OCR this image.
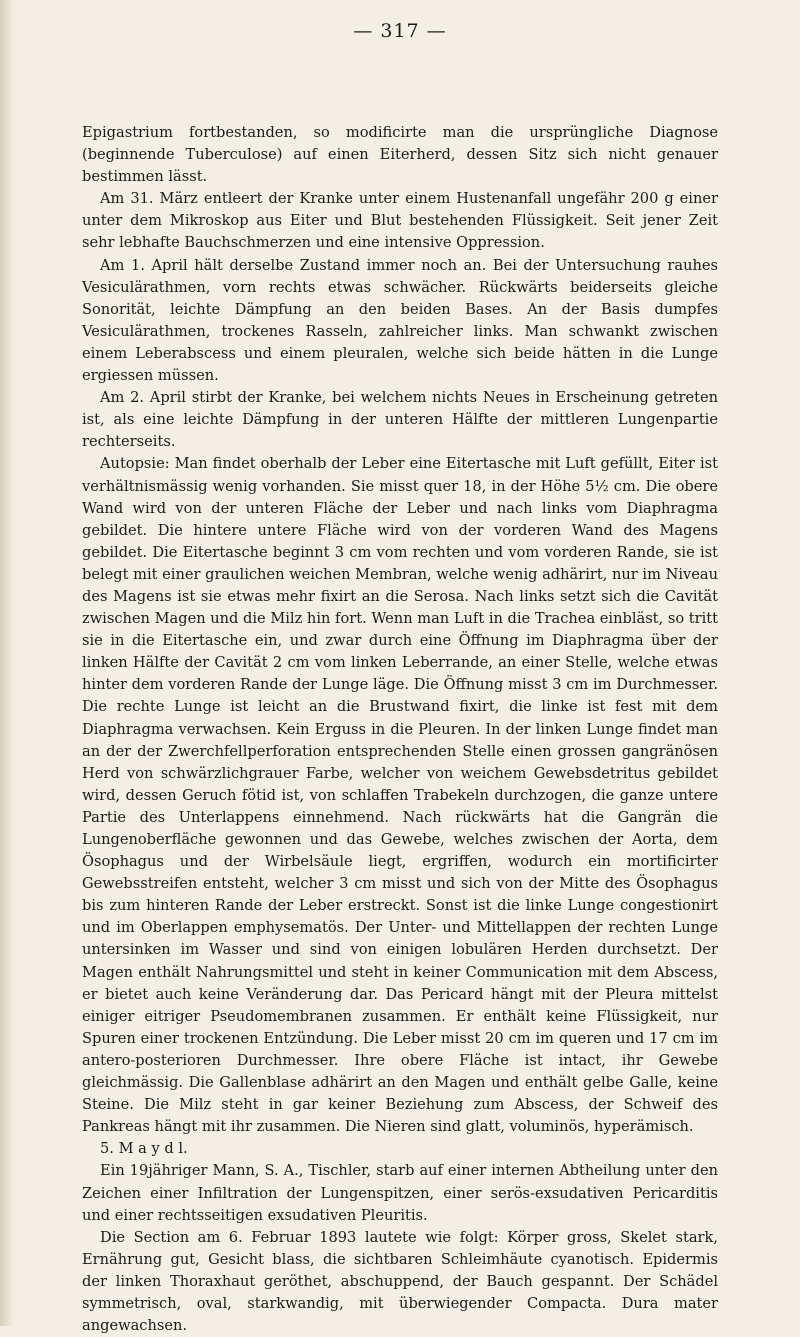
— 317 —

Epigastrium fortbestanden, so modificirte man die ursprüngliche Diagnose (beginnende Tuberculose) auf einen Eiterherd, dessen Sitz sich nicht genauer bestimmen lässt.

Am 31. März entleert der Kranke unter einem Hustenanfall ungefähr 200 g einer unter dem Mikroskop aus Eiter und Blut bestehenden Flüssigkeit. Seit jener Zeit sehr lebhafte Bauchschmerzen und eine intensive Oppression.

Am 1. April hält derselbe Zustand immer noch an. Bei der Untersuchung rauhes Vesiculärathmen, vorn rechts etwas schwächer. Rückwärts beiderseits gleiche Sonorität, leichte Dämpfung an den beiden Bases. An der Basis dumpfes Vesiculärathmen, trockenes Rasseln, zahlreicher links. Man schwankt zwischen einem Leberabscess und einem pleuralen, welche sich beide hätten in die Lunge ergiessen müssen.

Am 2. April stirbt der Kranke, bei welchem nichts Neues in Erscheinung getreten ist, als eine leichte Dämpfung in der unteren Hälfte der mittleren Lungenpartie rechterseits.

Autopsie: Man findet oberhalb der Leber eine Eitertasche mit Luft gefüllt, Eiter ist verhältnismässig wenig vorhanden. Sie misst quer 18, in der Höhe 5½ cm. Die obere Wand wird von der unteren Fläche der Leber und nach links vom Diaphragma gebildet. Die hintere untere Fläche wird von der vorderen Wand des Magens gebildet. Die Eitertasche beginnt 3 cm vom rechten und vom vorderen Rande, sie ist belegt mit einer graulichen weichen Membran, welche wenig adhärirt, nur im Niveau des Magens ist sie etwas mehr fixirt an die Serosa. Nach links setzt sich die Cavität zwischen Magen und die Milz hin fort. Wenn man Luft in die Trachea einbläst, so tritt sie in die Eitertasche ein, und zwar durch eine Öffnung im Diaphragma über der linken Hälfte der Cavität 2 cm vom linken Leberrande, an einer Stelle, welche etwas hinter dem vorderen Rande der Lunge läge. Die Öffnung misst 3 cm im Durchmesser. Die rechte Lunge ist leicht an die Brustwand fixirt, die linke ist fest mit dem Diaphragma verwachsen. Kein Erguss in die Pleuren. In der linken Lunge findet man an der der Zwerchfellperforation entsprechenden Stelle einen grossen gangränösen Herd von schwärzlichgrauer Farbe, welcher von weichem Gewebsdetritus gebildet wird, dessen Geruch fötid ist, von schlaffen Trabekeln durchzogen, die ganze untere Partie des Unterlappens einnehmend. Nach rückwärts hat die Gangrän die Lungenoberfläche gewonnen und das Gewebe, welches zwischen der Aorta, dem Ösophagus und der Wirbelsäule liegt, ergriffen, wodurch ein mortificirter Gewebsstreifen entsteht, welcher 3 cm misst und sich von der Mitte des Ösophagus bis zum hinteren Rande der Leber erstreckt. Sonst ist die linke Lunge congestionirt und im Oberlappen emphysematös. Der Unter- und Mittellappen der rechten Lunge untersinken im Wasser und sind von einigen lobulären Herden durchsetzt. Der Magen enthält Nahrungsmittel und steht in keiner Communication mit dem Abscess, er bietet auch keine Veränderung dar. Das Pericard hängt mit der Pleura mittelst einiger eitriger Pseudomembranen zusammen. Er enthält keine Flüssigkeit, nur Spuren einer trockenen Entzündung. Die Leber misst 20 cm im queren und 17 cm im antero-posterioren Durchmesser. Ihre obere Fläche ist intact, ihr Gewebe gleichmässig. Die Gallenblase adhärirt an den Magen und enthält gelbe Galle, keine Steine. Die Milz steht in gar keiner Beziehung zum Abscess, der Schweif des Pankreas hängt mit ihr zusammen. Die Nieren sind glatt, voluminös, hyperämisch.

5. M a y d l.

Ein 19jähriger Mann, S. A., Tischler, starb auf einer internen Abtheilung unter den Zeichen einer Infiltration der Lungenspitzen, einer serös-exsudativen Pericarditis und einer rechtsseitigen exsudativen Pleuritis.

Die Section am 6. Februar 1893 lautete wie folgt: Körper gross, Skelet stark, Ernährung gut, Gesicht blass, die sichtbaren Schleimhäute cyanotisch. Epidermis der linken Thoraxhaut geröthet, abschuppend, der Bauch gespannt. Der Schädel symmetrisch, oval, starkwandig, mit überwiegender Compacta. Dura mater angewachsen.
